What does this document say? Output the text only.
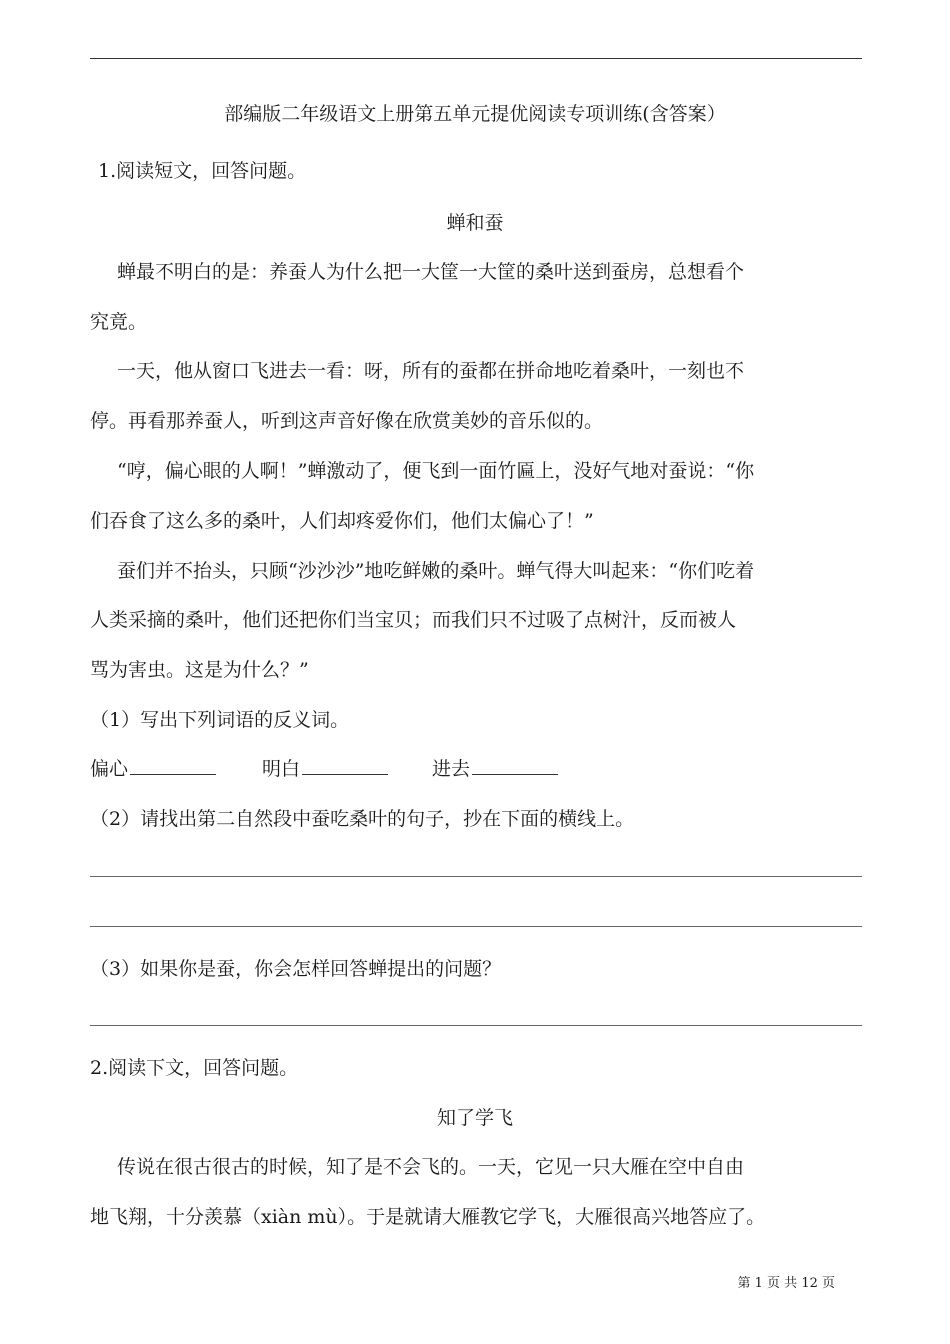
部编版二年级语文上册第五单元提优阅读专项训练(含答案）
1.阅读短文，回答问题。
蝉和蚕
蝉最不明白的是：养蚕人为什么把一大筐一大筐的桑叶送到蚕房，总想看个
究竟。
一天，他从窗口飞进去一看：呀，所有的蚕都在拼命地吃着桑叶，一刻也不
停。再看那养蚕人，听到这声音好像在欣赏美妙的音乐似的。
“哼，偏心眼的人啊！”蝉激动了，便飞到一面竹匾上，没好气地对蚕说：“你
们吞食了这么多的桑叶，人们却疼爱你们，他们太偏心了！”
蚕们并不抬头，只顾“沙沙沙”地吃鲜嫩的桑叶。蝉气得大叫起来：“你们吃着
人类采摘的桑叶，他们还把你们当宝贝；而我们只不过吸了点树汁，反而被人
骂为害虫。这是为什么？”
（1）写出下列词语的反义词。
偏心	明白	进去
（2）请找出第二自然段中蚕吃桑叶的句子，抄在下面的横线上。
（3）如果你是蚕，你会怎样回答蝉提出的问题？
2.阅读下文，回答问题。
知了学飞
传说在很古很古的时候，知了是不会飞的。一天，它见一只大雁在空中自由
地飞翔，十分羡慕（xiàn mù）。于是就请大雁教它学飞，大雁很高兴地答应了。
第 1 页 共 12 页
